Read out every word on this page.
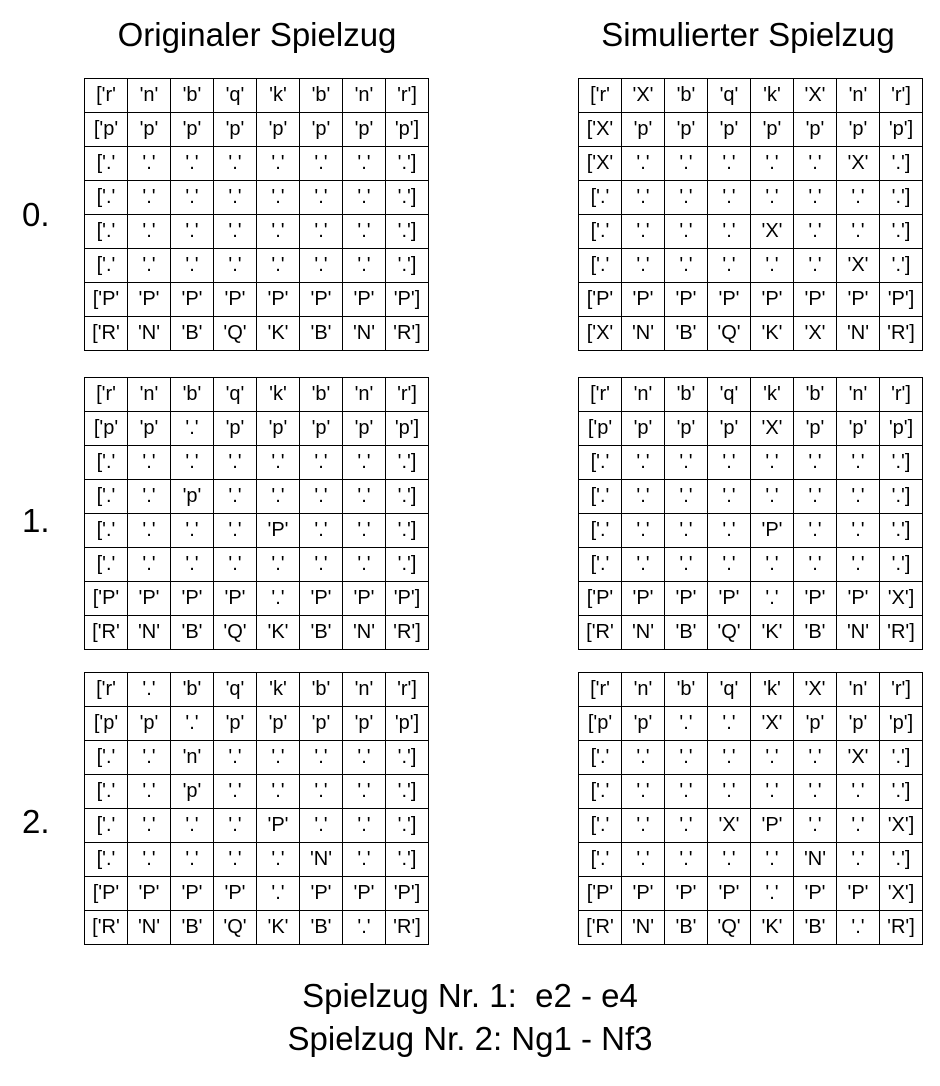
Originaler Spielzug	Simulierter Spielzug
0.
1.
2.
['r'	'n'	'b'	'q'	'k'	'b'	'n'	'r']
['p'	'p'	'p'	'p'	'p'	'p'	'p'	'p']
['.'	'.'	'.'	'.'	'.'	'.'	'.'	'.']
['.'	'.'	'.'	'.'	'.'	'.'	'.'	'.']
['.'	'.'	'.'	'.'	'.'	'.'	'.'	'.']
['.'	'.'	'.'	'.'	'.'	'.'	'.'	'.']
['P'	'P'	'P'	'P'	'P'	'P'	'P'	'P']
['R'	'N'	'B'	'Q'	'K'	'B'	'N'	'R']
['r'	'X'	'b'	'q'	'k'	'X'	'n'	'r']
['X'	'p'	'p'	'p'	'p'	'p'	'p'	'p']
['X'	'.'	'.'	'.'	'.'	'.'	'X'	'.']
['.'	'.'	'.'	'.'	'.'	'.'	'.'	'.']
['.'	'.'	'.'	'.'	'X'	'.'	'.'	'.']
['.'	'.'	'.'	'.'	'.'	'.'	'X'	'.']
['P'	'P'	'P'	'P'	'P'	'P'	'P'	'P']
['X'	'N'	'B'	'Q'	'K'	'X'	'N'	'R']
['r'	'n'	'b'	'q'	'k'	'b'	'n'	'r']
['p'	'p'	'.'	'p'	'p'	'p'	'p'	'p']
['.'	'.'	'.'	'.'	'.'	'.'	'.'	'.']
['.'	'.'	'p'	'.'	'.'	'.'	'.'	'.']
['.'	'.'	'.'	'.'	'P'	'.'	'.'	'.']
['.'	'.'	'.'	'.'	'.'	'.'	'.'	'.']
['P'	'P'	'P'	'P'	'.'	'P'	'P'	'P']
['R'	'N'	'B'	'Q'	'K'	'B'	'N'	'R']
['r'	'n'	'b'	'q'	'k'	'b'	'n'	'r']
['p'	'p'	'p'	'p'	'X'	'p'	'p'	'p']
['.'	'.'	'.'	'.'	'.'	'.'	'.'	'.']
['.'	'.'	'.'	'.'	'.'	'.'	'.'	'.']
['.'	'.'	'.'	'.'	'P'	'.'	'.'	'.']
['.'	'.'	'.'	'.'	'.'	'.'	'.'	'.']
['P'	'P'	'P'	'P'	'.'	'P'	'P'	'X']
['R'	'N'	'B'	'Q'	'K'	'B'	'N'	'R']
['r'	'.'	'b'	'q'	'k'	'b'	'n'	'r']
['p'	'p'	'.'	'p'	'p'	'p'	'p'	'p']
['.'	'.'	'n'	'.'	'.'	'.'	'.'	'.']
['.'	'.'	'p'	'.'	'.'	'.'	'.'	'.']
['.'	'.'	'.'	'.'	'P'	'.'	'.'	'.']
['.'	'.'	'.'	'.'	'.'	'N'	'.'	'.']
['P'	'P'	'P'	'P'	'.'	'P'	'P'	'P']
['R'	'N'	'B'	'Q'	'K'	'B'	'.'	'R']
['r'	'n'	'b'	'q'	'k'	'X'	'n'	'r']
['p'	'p'	'.'	'.'	'X'	'p'	'p'	'p']
['.'	'.'	'.'	'.'	'.'	'.'	'X'	'.']
['.'	'.'	'.'	'.'	'.'	'.'	'.'	'.']
['.'	'.'	'.'	'X'	'P'	'.'	'.'	'X']
['.'	'.'	'.'	'.'	'.'	'N'	'.'	'.']
['P'	'P'	'P'	'P'	'.'	'P'	'P'	'X']
['R'	'N'	'B'	'Q'	'K'	'B'	'.'	'R']
Spielzug Nr. 1:  e2 - e4
Spielzug Nr. 2: Ng1 - Nf3
